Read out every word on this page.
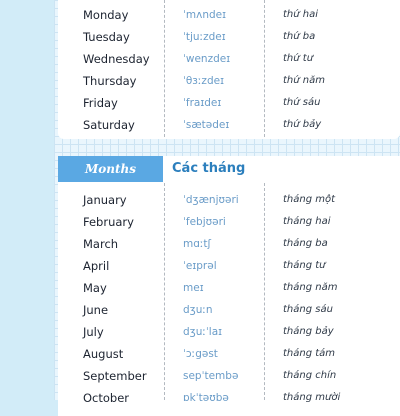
Monday	ˈmʌndeɪ	thứ hai
Tuesday	ˈtjuːzdeɪ	thứ ba
Wednesday	ˈwenzdeɪ	thứ tư
Thursday	ˈθɜːzdeɪ	thứ năm
Friday	ˈfraɪdeɪ	thứ sáu
Saturday	ˈsætədeɪ	thứ bảy
Months	Các tháng
January	ˈdʒænjʊəri	tháng một
February	ˈfebjʊəri	tháng hai
March	mɑːtʃ	tháng ba
April	ˈeɪprəl	tháng tư
May	meɪ	tháng năm
June	dʒuːn	tháng sáu
July	dʒuːˈlaɪ	tháng bảy
August	ˈɔːgəst	tháng tám
September	sepˈtembə	tháng chín
October	ɒkˈtəʊbə	tháng mười
